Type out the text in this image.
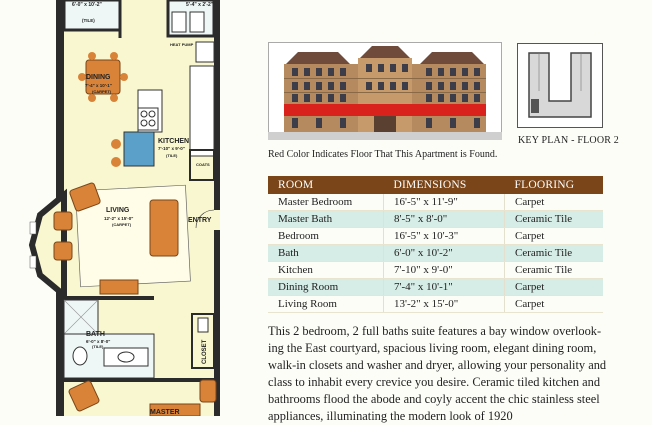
6'-0" x 10'-2"
(TILE)
5'-4" x 2'-2"
HEAT PUMP
DINING
7'-4" x 10'-1"
(CARPET)
KITCHEN
7'-10" x 9'-0"
(TILE)
COATS
LIVING
12'-2" x 15'-0"
(CARPET)
ENTRY
BATH
6'-0" x 8'-0"
(TILE)	CLOSET
MASTER
Red Color Indicates Floor That This Apartment is Found.
KEY PLAN - FLOOR 2
ROOM	DIMENSIONS	FLOORING
Master Bedroom	16'-5" x 11'-9"	Carpet
Master Bath	8'-5" x 8'-0"	Ceramic Tile
Bedroom	16'-5" x 10'-3"	Carpet
Bath	6'-0" x 10'-2"	Ceramic Tile
Kitchen	7'-10" x 9'-0"	Ceramic Tile
Dining Room	7'-4" x 10'-1"	Carpet
Living Room	13'-2" x 15'-0"	Carpet
This 2 bedroom, 2 full baths suite features a bay window overlook-
ing the East courtyard, spacious living room, elegant dining room,
walk-in closets and washer and dryer, allowing your personality and
class to inhabit every crevice you desire. Ceramic tiled kitchen and
bathrooms flood the abode and coyly accent the chic stainless steel
appliances, illuminating the modern look of 1920
